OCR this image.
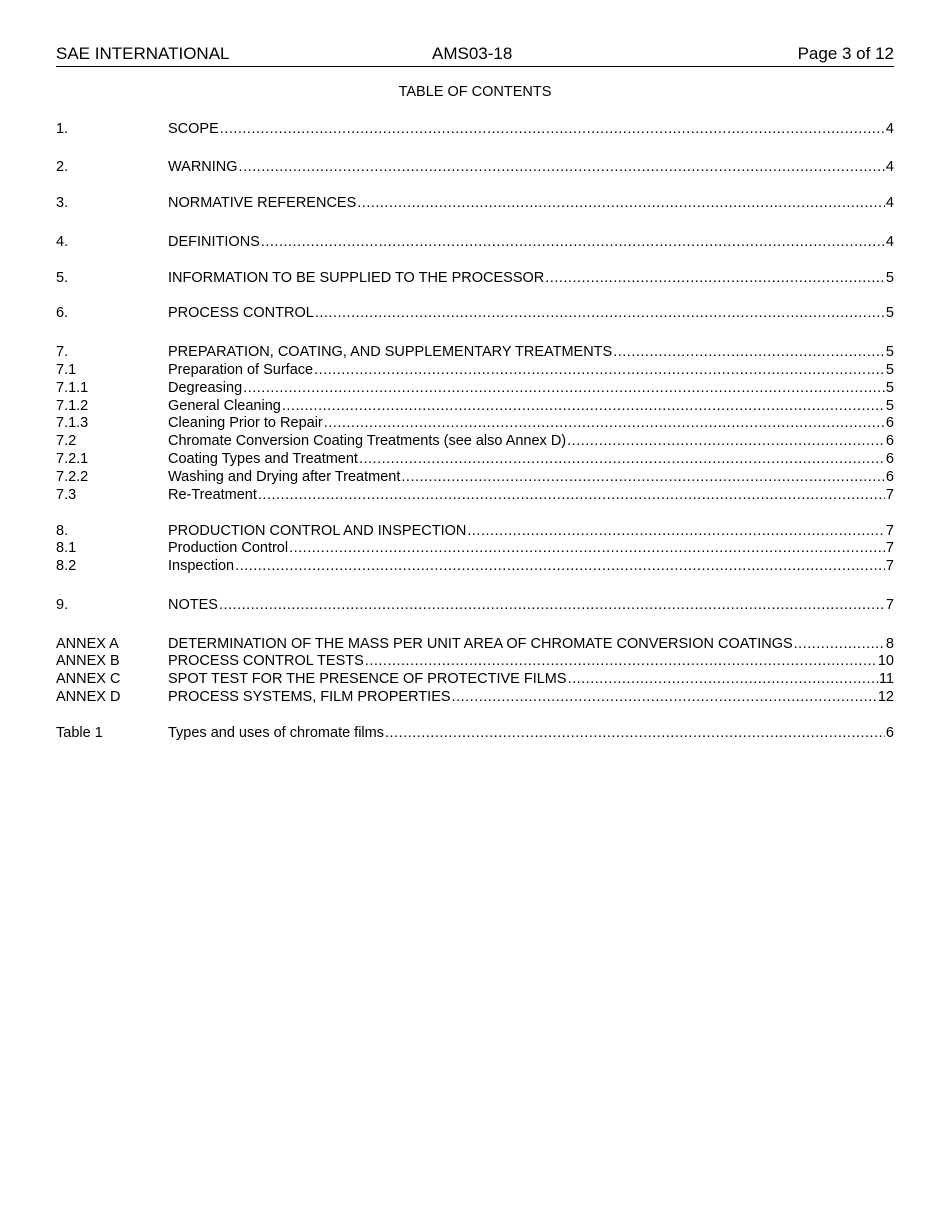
SAE INTERNATIONAL	AMS03-18	Page 3 of 12
TABLE OF CONTENTS
1.	SCOPE .....	4
2.	WARNING .....	4
3.	NORMATIVE REFERENCES .....	4
4.	DEFINITIONS .....	4
5.	INFORMATION TO BE SUPPLIED TO THE PROCESSOR .....	5
6.	PROCESS CONTROL .....	5
7.	PREPARATION, COATING, AND SUPPLEMENTARY TREATMENTS .....	5
7.1	Preparation of Surface .....	5
7.1.1	Degreasing .....	5
7.1.2	General Cleaning .....	5
7.1.3	Cleaning Prior to Repair .....	6
7.2	Chromate Conversion Coating Treatments (see also Annex D) .....	6
7.2.1	Coating Types and Treatment .....	6
7.2.2	Washing and Drying after Treatment .....	6
7.3	Re-Treatment .....	7
8.	PRODUCTION CONTROL AND INSPECTION .....	7
8.1	Production Control .....	7
8.2	Inspection .....	7
9.	NOTES .....	7
ANNEX A	DETERMINATION OF THE MASS PER UNIT AREA OF CHROMATE CONVERSION COATINGS .....	8
ANNEX B	PROCESS CONTROL TESTS .....	10
ANNEX C	SPOT TEST FOR THE PRESENCE OF PROTECTIVE FILMS .....	11
ANNEX D	PROCESS SYSTEMS, FILM PROPERTIES .....	12
Table 1	Types and uses of chromate films .....	6
